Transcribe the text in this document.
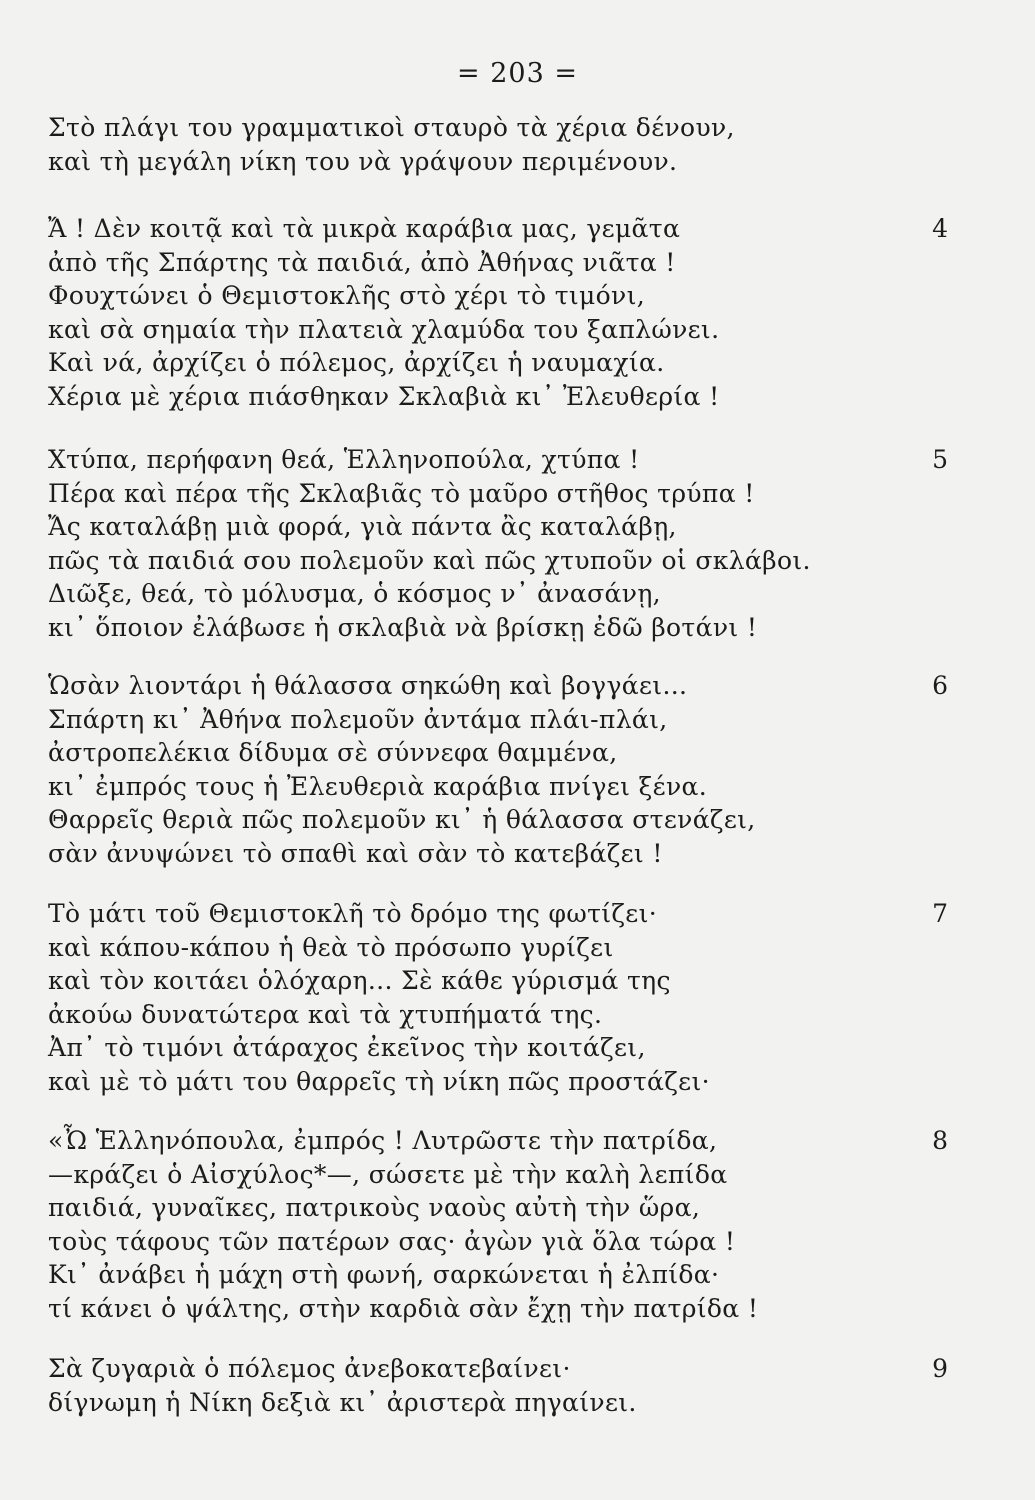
= 203 =
Στὸ πλάγι του γραμματικοὶ σταυρὸ τὰ χέρια δένουν,
καὶ τὴ μεγάλη νίκη του νὰ γράψουν περιμένουν.
4
Ἄ ! Δὲν κοιτᾷ καὶ τὰ μικρὰ καράβια μας, γεμᾶτα
ἀπὸ τῆς Σπάρτης τὰ παιδιά, ἀπὸ Ἀθήνας νιᾶτα !
Φουχτώνει ὁ Θεμιστοκλῆς στὸ χέρι τὸ τιμόνι,
καὶ σὰ σημαία τὴν πλατειὰ χλαμύδα του ξαπλώνει.
Καὶ νά, ἀρχίζει ὁ πόλεμος, ἀρχίζει ἡ ναυμαχία.
Χέρια μὲ χέρια πιάσθηκαν Σκλαβιὰ κι᾽ Ἐλευθερία !
5
Χτύπα, περήφανη θεά, Ἑλληνοπούλα, χτύπα !
Πέρα καὶ πέρα τῆς Σκλαβιᾶς τὸ μαῦρο στῆθος τρύπα !
Ἄς καταλάβῃ μιὰ φορά, γιὰ πάντα ἂς καταλάβῃ,
πῶς τὰ παιδιά σου πολεμοῦν καὶ πῶς χτυποῦν οἱ σκλάβοι.
Διῶξε, θεά, τὸ μόλυσμα, ὁ κόσμος ν᾽ ἀνασάνῃ,
κι᾽ ὅποιον ἐλάβωσε ἡ σκλαβιὰ νὰ βρίσκῃ ἐδῶ βοτάνι !
6
Ὡσὰν λιοντάρι ἡ θάλασσα σηκώθη καὶ βογγάει...
Σπάρτη κι᾽ Ἀθήνα πολεμοῦν ἀντάμα πλάι-πλάι,
ἀστροπελέκια δίδυμα σὲ σύννεφα θαμμένα,
κι᾽ ἐμπρός τους ἡ Ἐλευθεριὰ καράβια πνίγει ξένα.
Θαρρεῖς θεριὰ πῶς πολεμοῦν κι᾽ ἡ θάλασσα στενάζει,
σὰν ἀνυψώνει τὸ σπαθὶ καὶ σὰν τὸ κατεβάζει !
7
Τὸ μάτι τοῦ Θεμιστοκλῆ τὸ δρόμο της φωτίζει·
καὶ κάπου-κάπου ἡ θεὰ τὸ πρόσωπο γυρίζει
καὶ τὸν κοιτάει ὁλόχαρη... Σὲ κάθε γύρισμά της
ἀκούω δυνατώτερα καὶ τὰ χτυπήματά της.
Ἀπ᾽ τὸ τιμόνι ἀτάραχος ἐκεῖνος τὴν κοιτάζει,
καὶ μὲ τὸ μάτι του θαρρεῖς τὴ νίκη πῶς προστάζει·
8
«Ὦ Ἑλληνόπουλα, ἐμπρός ! Λυτρῶστε τὴν πατρίδα,
—κράζει ὁ Αἰσχύλος*—, σώσετε μὲ τὴν καλὴ λεπίδα
παιδιά, γυναῖκες, πατρικοὺς ναοὺς αὐτὴ τὴν ὥρα,
τοὺς τάφους τῶν πατέρων σας· ἀγὼν γιὰ ὅλα τώρα !
Κι᾽ ἀνάβει ἡ μάχη στὴ φωνή, σαρκώνεται ἡ ἐλπίδα·
τί κάνει ὁ ψάλτης, στὴν καρδιὰ σὰν ἔχῃ τὴν πατρίδα !
9
Σὰ ζυγαριὰ ὁ πόλεμος ἀνεβοκατεβαίνει·
δίγνωμη ἡ Νίκη δεξιὰ κι᾽ ἀριστερὰ πηγαίνει.
